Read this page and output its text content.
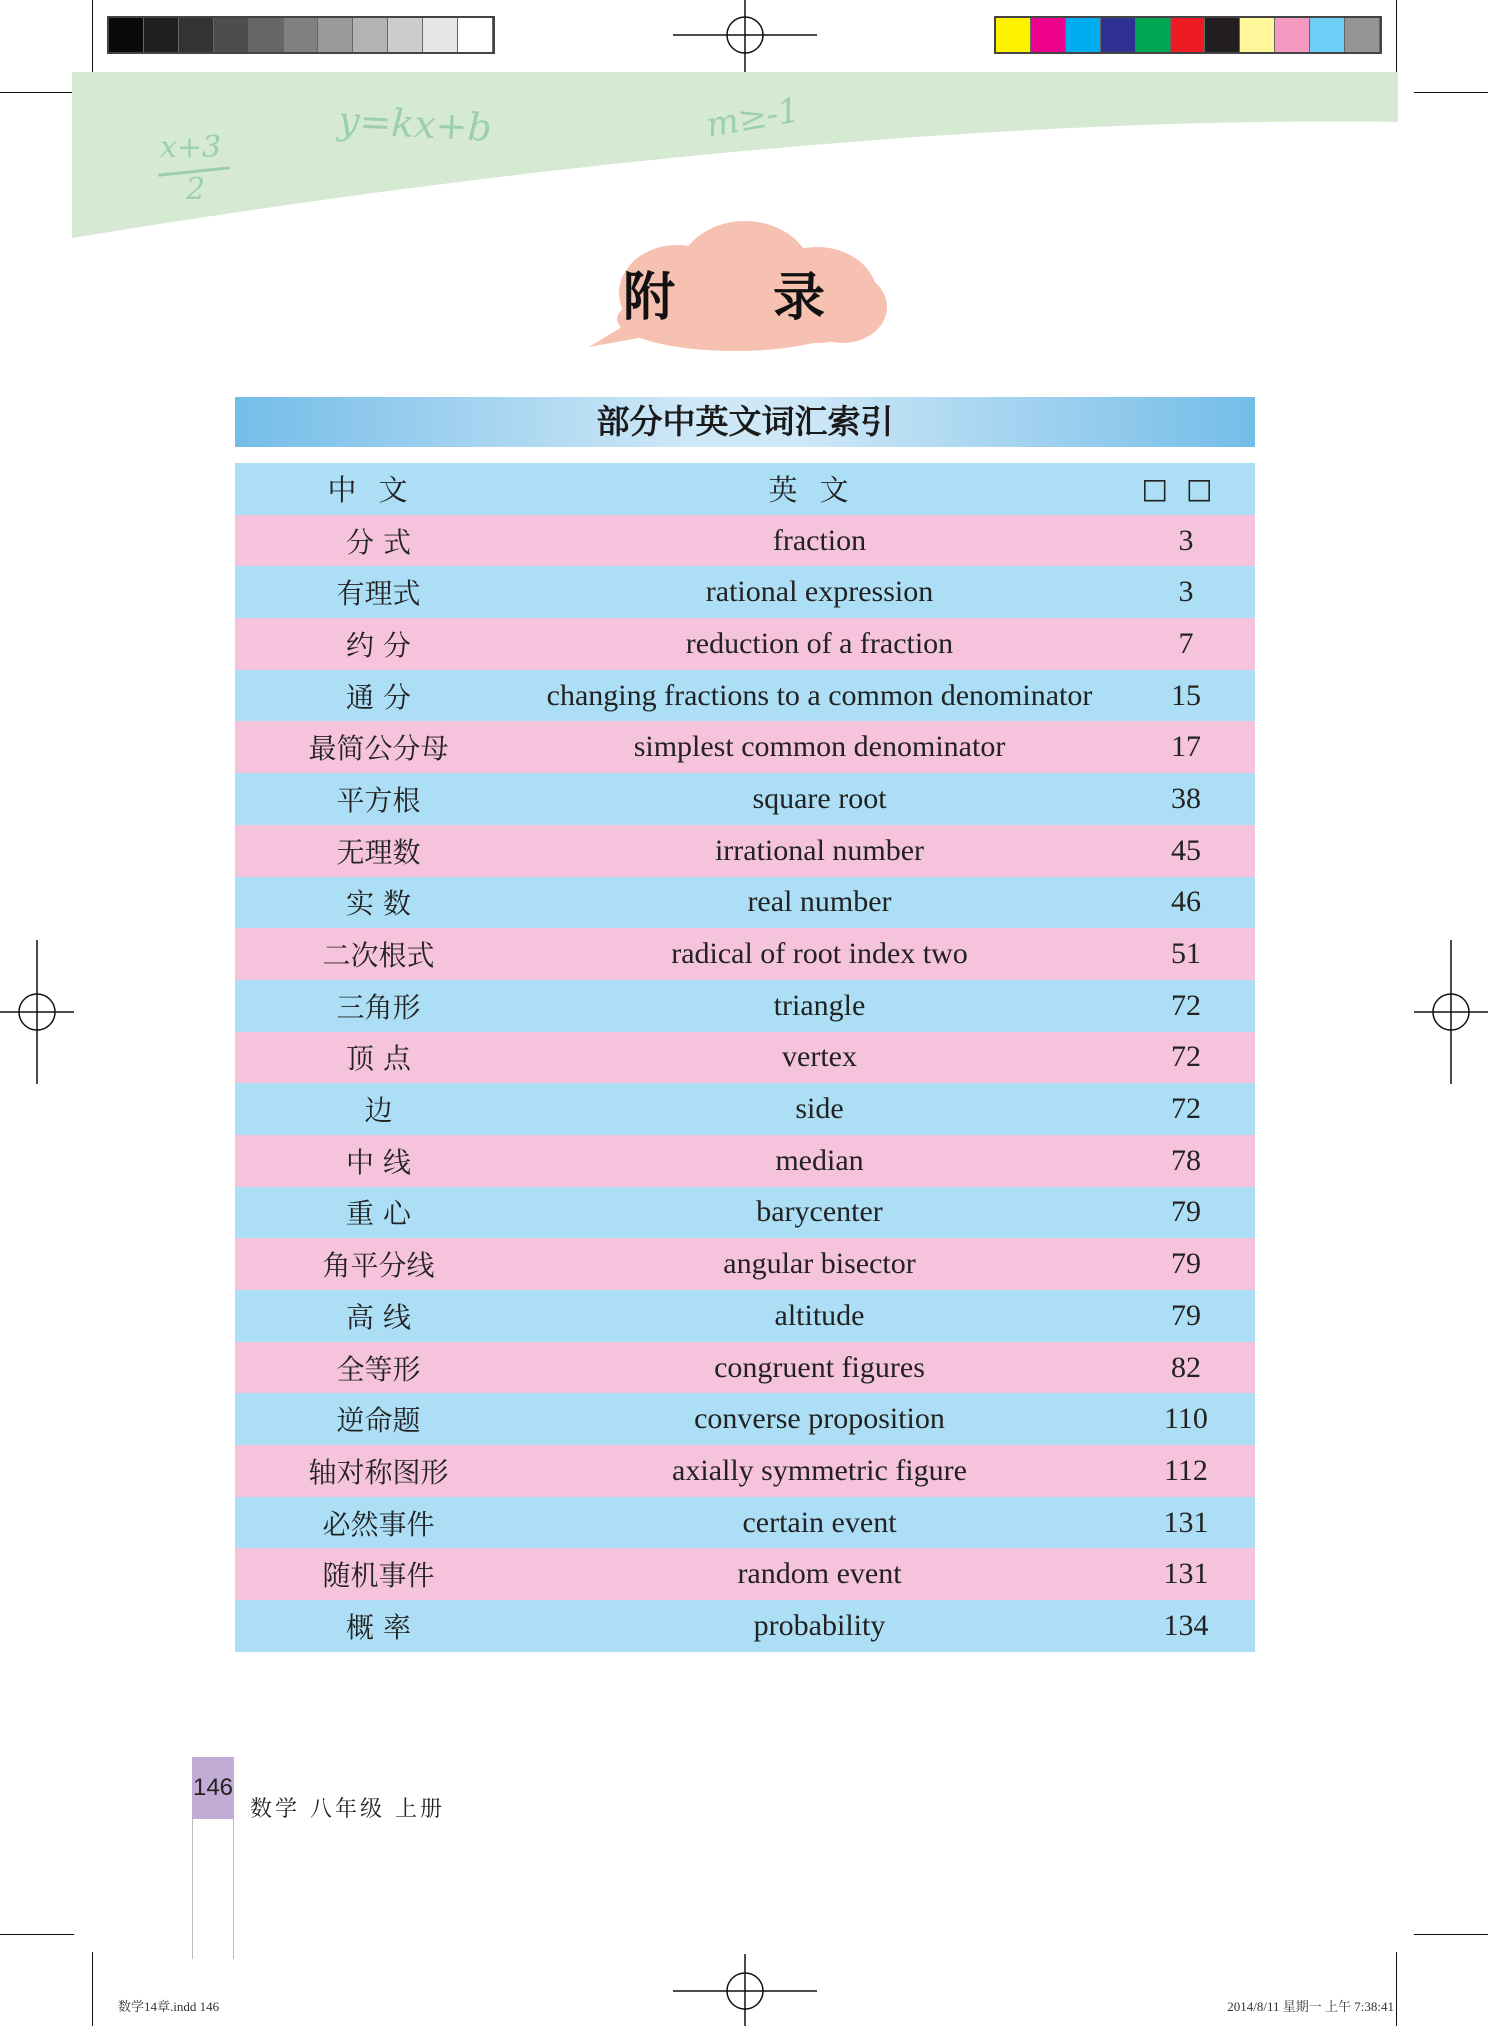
x+3
2
y=kx+b	m≥-1
附 录
部分中英文词汇索引
中文	英文	□□
分 式	fraction	3
有理式	rational expression	3
约 分	reduction of a fraction	7
通 分	changing fractions to a common denominator	15
最简公分母	simplest common denominator	17
平方根	square root	38
无理数	irrational number	45
实 数	real number	46
二次根式	radical of root index two	51
三角形	triangle	72
顶 点	vertex	72
边	side	72
中 线	median	78
重 心	barycenter	79
角平分线	angular bisector	79
高 线	altitude	79
全等形	congruent figures	82
逆命题	converse proposition	110
轴对称图形	axially symmetric figure	112
必然事件	certain event	131
随机事件	random event	131
概 率	probability	134
146
数学 八年级 上册
数学14章.indd 146	2014/8/11 星期一 上午 7:38:41
